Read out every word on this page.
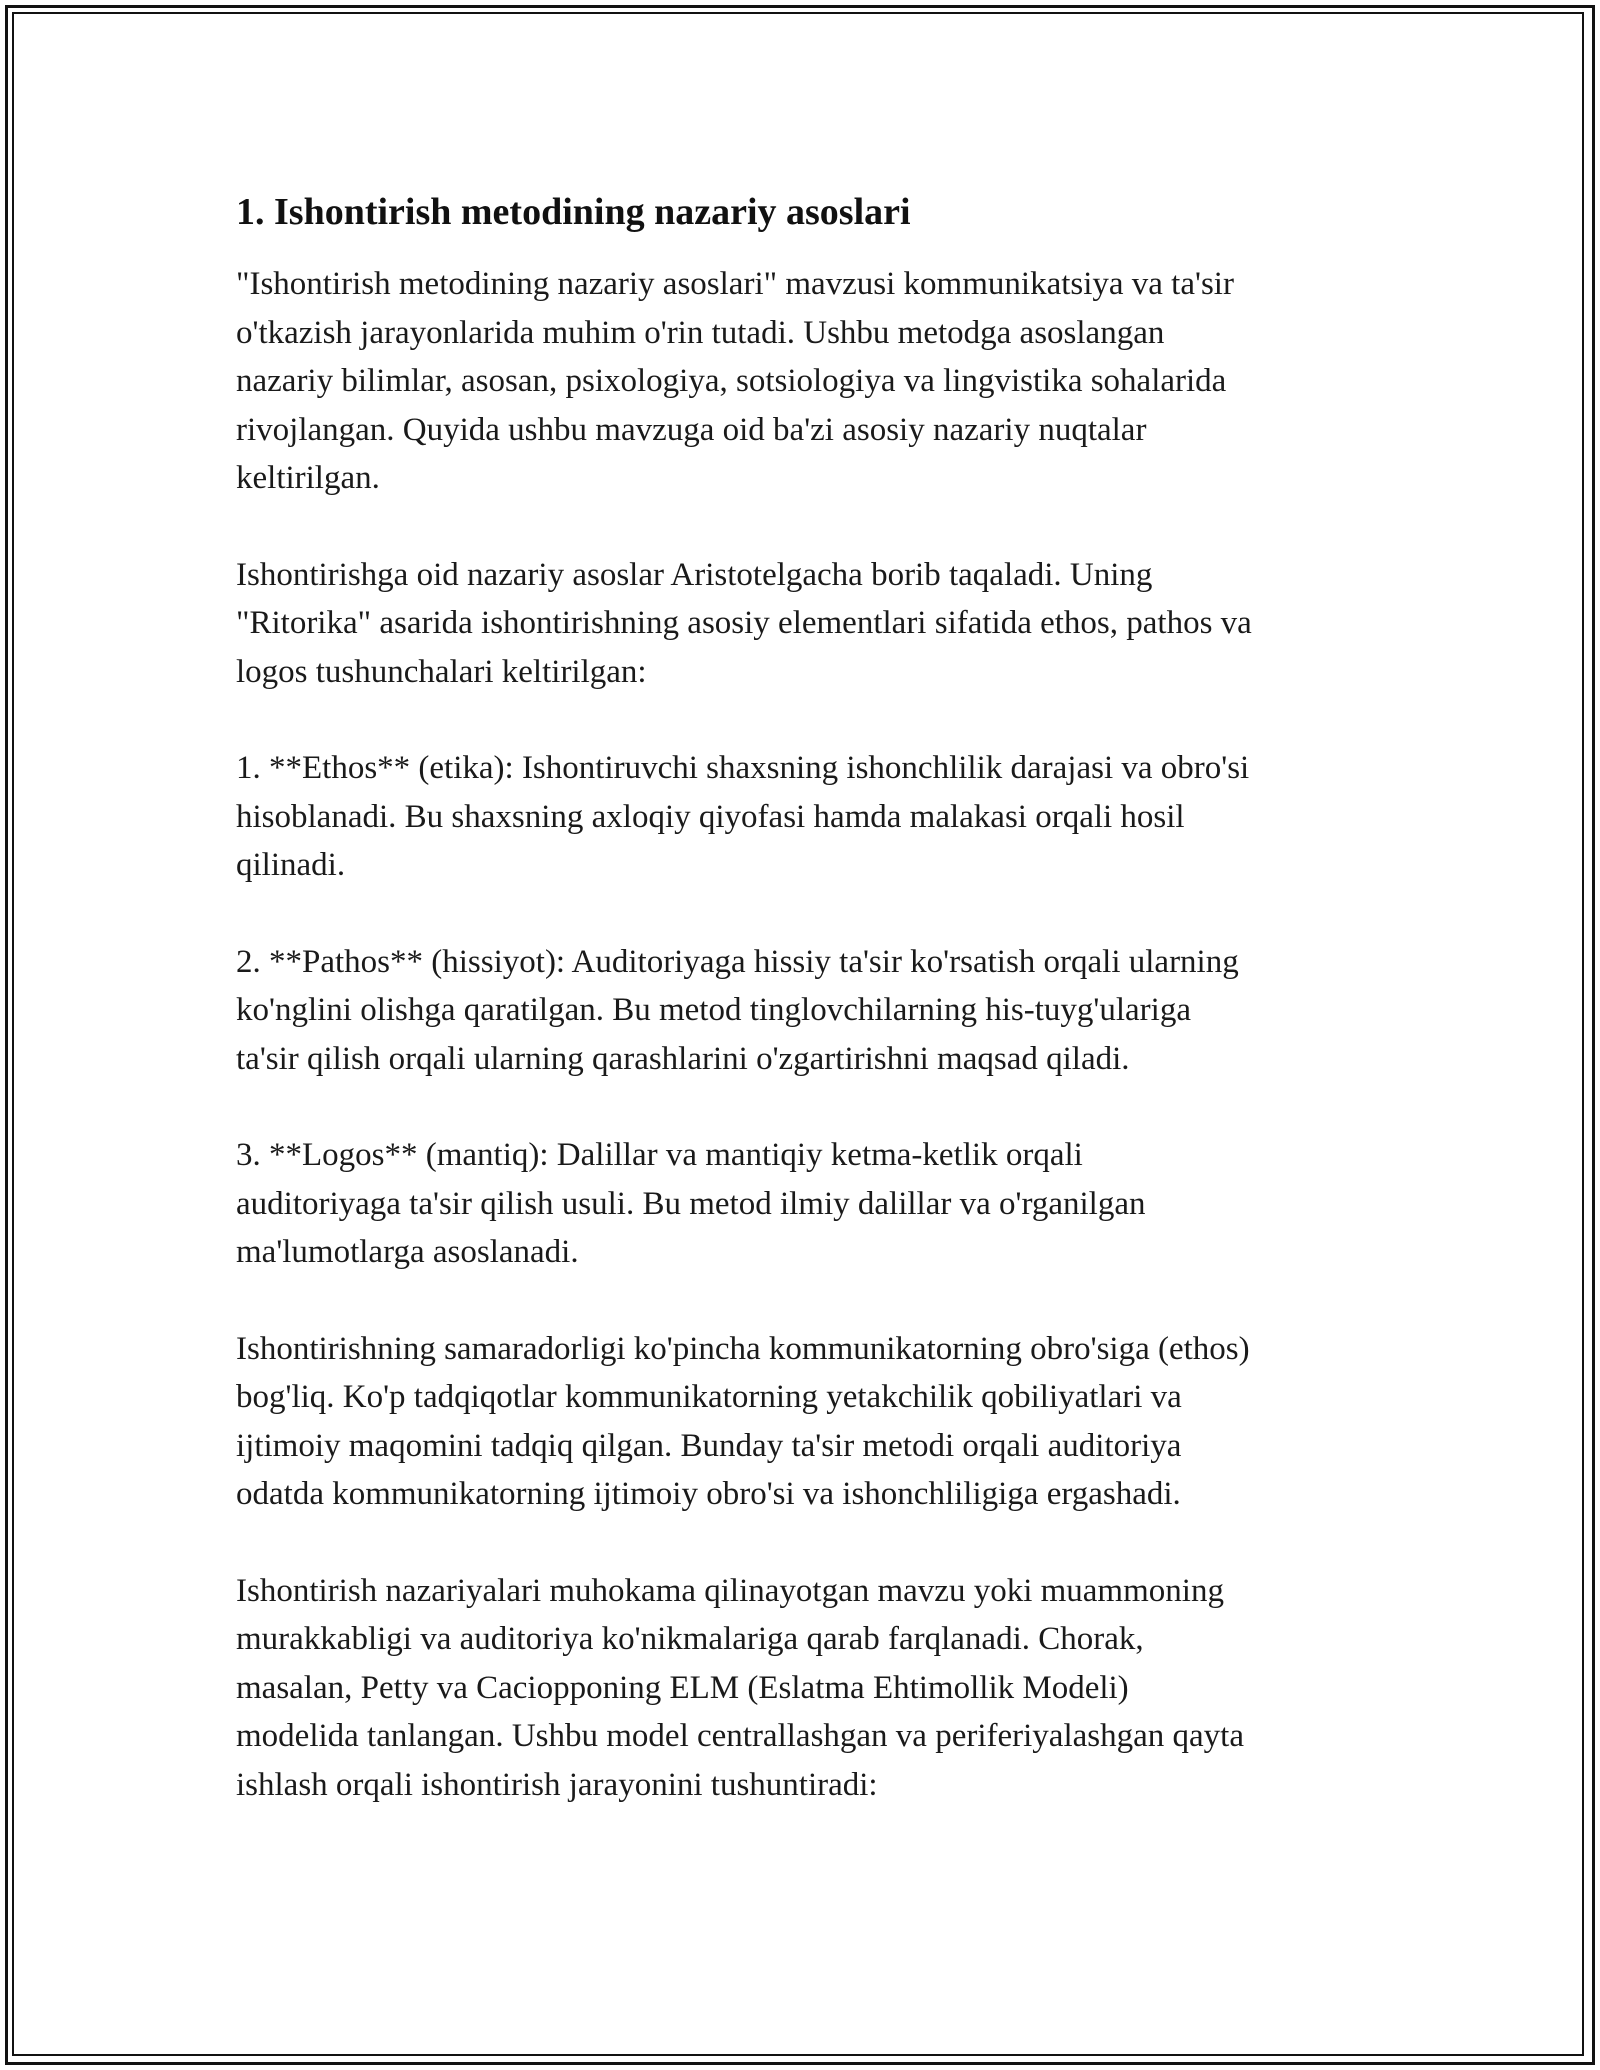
1. Ishontirish metodining nazariy asoslari

"Ishontirish metodining nazariy asoslari" mavzusi kommunikatsiya va ta'sir
o'tkazish jarayonlarida muhim o'rin tutadi. Ushbu metodga asoslangan
nazariy bilimlar, asosan, psixologiya, sotsiologiya va lingvistika sohalarida
rivojlangan. Quyida ushbu mavzuga oid ba'zi asosiy nazariy nuqtalar
keltirilgan.

Ishontirishga oid nazariy asoslar Aristotelgacha borib taqaladi. Uning
"Ritorika" asarida ishontirishning asosiy elementlari sifatida ethos, pathos va
logos tushunchalari keltirilgan:

1. **Ethos** (etika): Ishontiruvchi shaxsning ishonchlilik darajasi va obro'si
hisoblanadi. Bu shaxsning axloqiy qiyofasi hamda malakasi orqali hosil
qilinadi.

2. **Pathos** (hissiyot): Auditoriyaga hissiy ta'sir ko'rsatish orqali ularning
ko'nglini olishga qaratilgan. Bu metod tinglovchilarning his-tuyg'ulariga
ta'sir qilish orqali ularning qarashlarini o'zgartirishni maqsad qiladi.

3. **Logos** (mantiq): Dalillar va mantiqiy ketma-ketlik orqali
auditoriyaga ta'sir qilish usuli. Bu metod ilmiy dalillar va o'rganilgan
ma'lumotlarga asoslanadi.

Ishontirishning samaradorligi ko'pincha kommunikatorning obro'siga (ethos)
bog'liq. Ko'p tadqiqotlar kommunikatorning yetakchilik qobiliyatlari va
ijtimoiy maqomini tadqiq qilgan. Bunday ta'sir metodi orqali auditoriya
odatda kommunikatorning ijtimoiy obro'si va ishonchliligiga ergashadi.

Ishontirish nazariyalari muhokama qilinayotgan mavzu yoki muammoning
murakkabligi va auditoriya ko'nikmalariga qarab farqlanadi. Chorak,
masalan, Petty va Caciopponing ELM (Eslatma Ehtimollik Modeli)
modelida tanlangan. Ushbu model centrallashgan va periferiyalashgan qayta
ishlash orqali ishontirish jarayonini tushuntiradi:
